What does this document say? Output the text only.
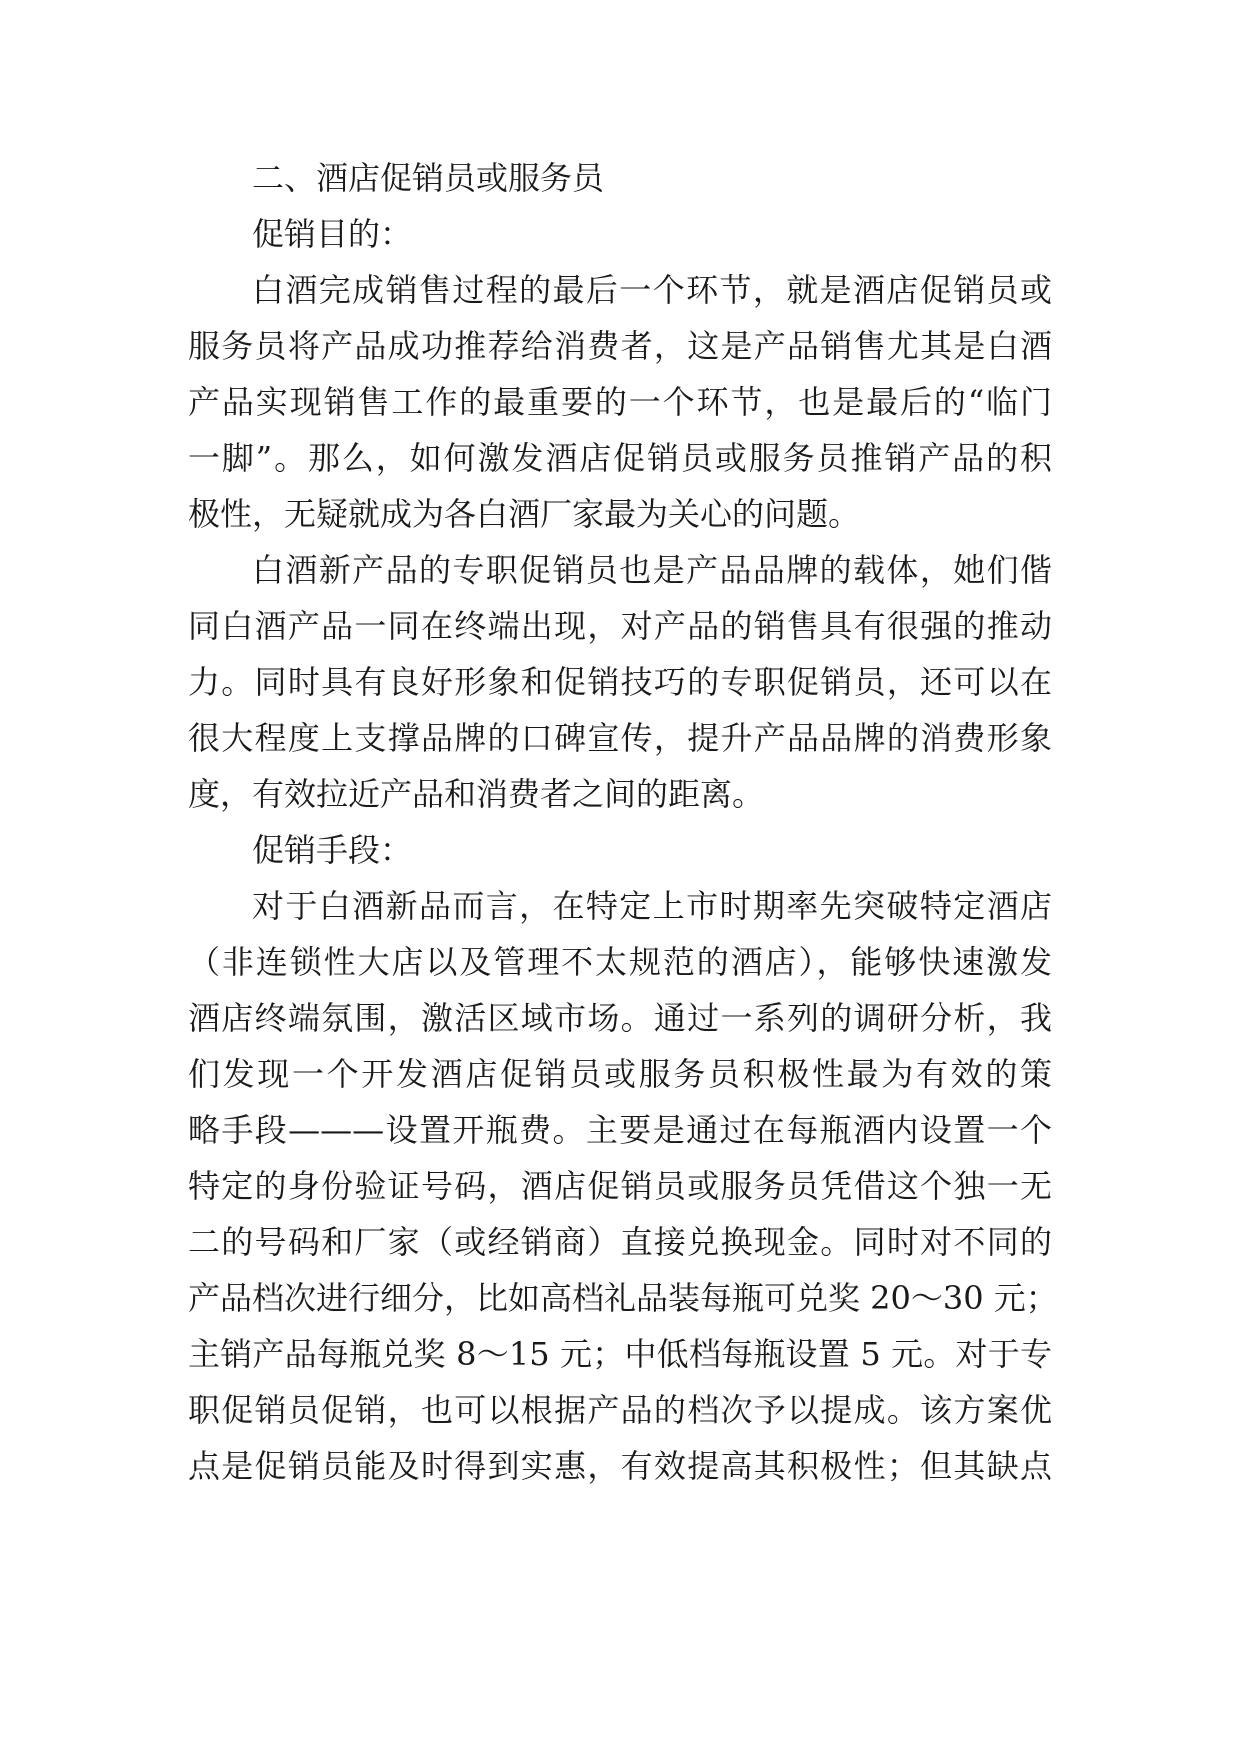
二、酒店促销员或服务员
促销目的：
白酒完成销售过程的最后一个环节，就是酒店促销员或
服务员将产品成功推荐给消费者，这是产品销售尤其是白酒
产品实现销售工作的最重要的一个环节，也是最后的“临门
一脚”。那么，如何激发酒店促销员或服务员推销产品的积
极性，无疑就成为各白酒厂家最为关心的问题。
白酒新产品的专职促销员也是产品品牌的载体，她们偕
同白酒产品一同在终端出现，对产品的销售具有很强的推动
力。同时具有良好形象和促销技巧的专职促销员，还可以在
很大程度上支撑品牌的口碑宣传，提升产品品牌的消费形象
度，有效拉近产品和消费者之间的距离。
促销手段：
对于白酒新品而言，在特定上市时期率先突破特定酒店
（非连锁性大店以及管理不太规范的酒店），能够快速激发
酒店终端氛围，激活区域市场。通过一系列的调研分析，我
们发现一个开发酒店促销员或服务员积极性最为有效的策
略手段———设置开瓶费。主要是通过在每瓶酒内设置一个
特定的身份验证号码，酒店促销员或服务员凭借这个独一无
二的号码和厂家（或经销商）直接兑换现金。同时对不同的
产品档次进行细分，比如高档礼品装每瓶可兑奖 20～30 元；
主销产品每瓶兑奖 8～15 元；中低档每瓶设置 5 元。对于专
职促销员促销，也可以根据产品的档次予以提成。该方案优
点是促销员能及时得到实惠，有效提高其积极性；但其缺点
